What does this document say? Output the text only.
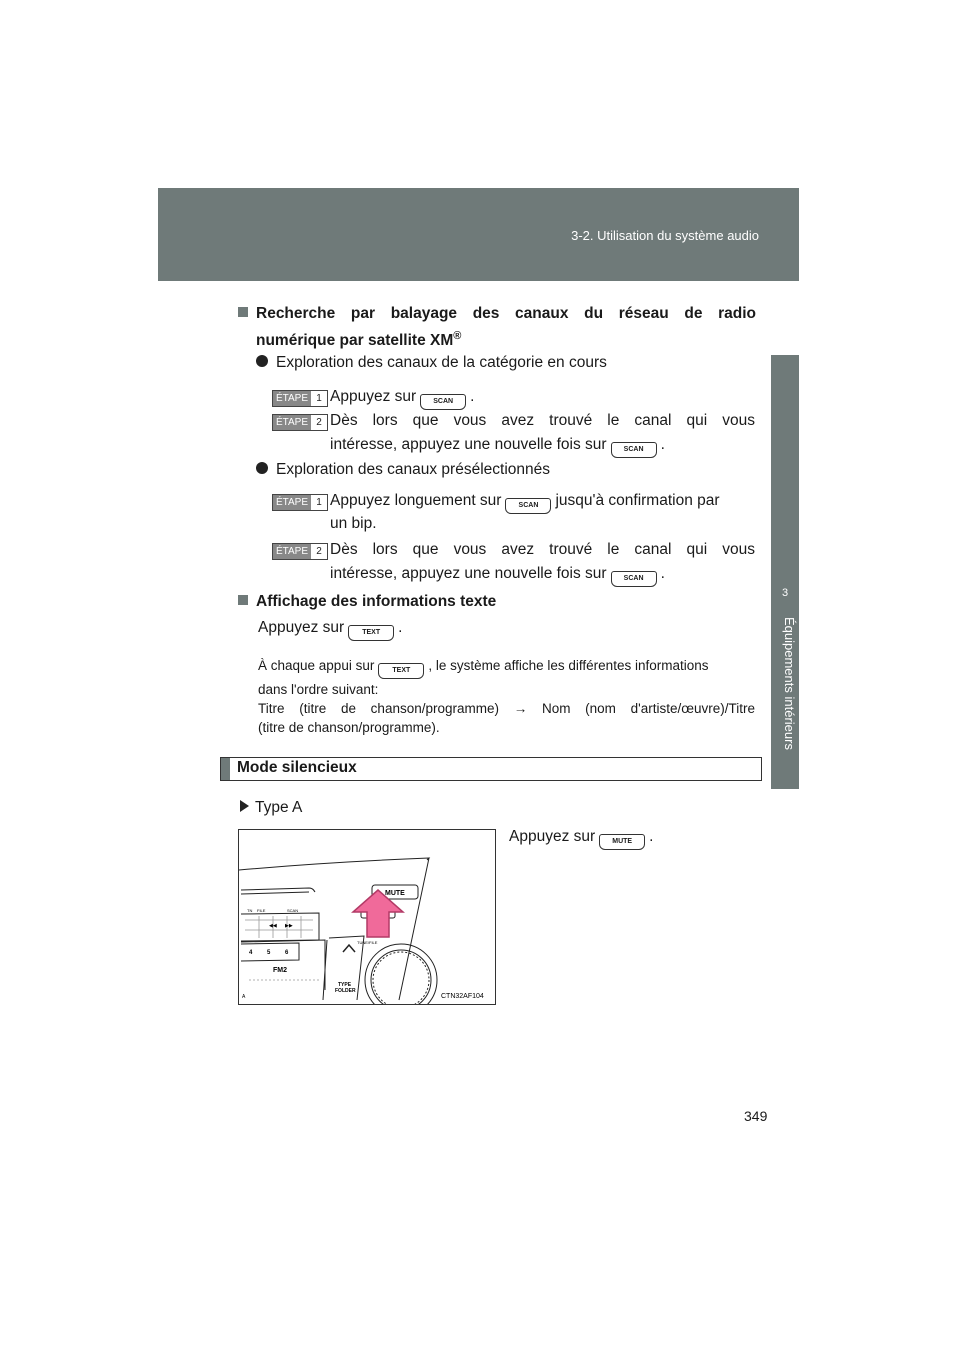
3-2. Utilisation du système audio
3
Équipements intérieurs
Recherche par balayage des canaux du réseau de radio
numérique par satellite XM®
Exploration des canaux de la catégorie en cours
ÉTAPE 1 Appuyez sur SCAN .
ÉTAPE 2 Dès lors que vous avez trouvé le canal qui vous
intéresse, appuyez une nouvelle fois sur SCAN .
Exploration des canaux présélectionnés
ÉTAPE 1 Appuyez longuement sur SCAN jusqu'à confirmation par
un bip.
ÉTAPE 2 Dès lors que vous avez trouvé le canal qui vous
intéresse, appuyez une nouvelle fois sur SCAN .
Affichage des informations texte
Appuyez sur	TEXT .
À chaque appui sur	TEXT , le système affiche les différentes informations
dans l'ordre suivant:
Titre (titre de chanson/programme) → Nom (nom d'artiste/œuvre)/Titre
(titre de chanson/programme).
Mode silencieux
Type A
Appuyez sur MUTE .
MUTE
TN FILE	SCAN
◀◀ ▶▶
4 5 6
FM2
TYPE
FOLDER
TUNE/FILE
A	CTN32AF104
349
